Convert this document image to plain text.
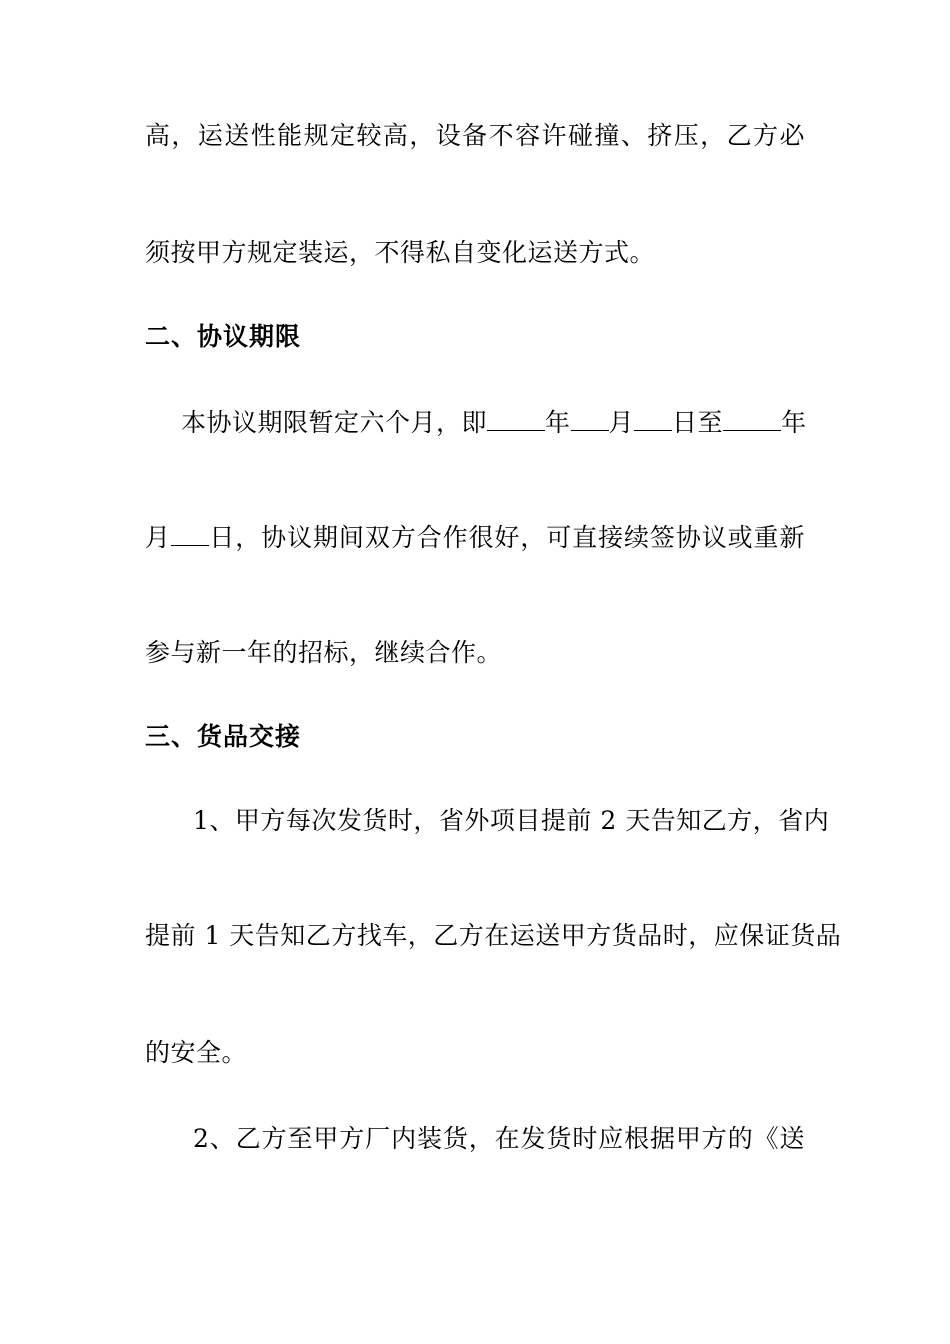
高，运送性能规定较高，设备不容许碰撞、挤压，乙方必
须按甲方规定装运，不得私自变化运送方式。
二、协议期限
本协议期限暂定六个月，即 年 月 日至 年
月 日，协议期间双方合作很好，可直接续签协议或重新
参与新一年的招标，继续合作。
三、货品交接
1、甲方每次发货时，省外项目提前 2 天告知乙方，省内
提前 1 天告知乙方找车，乙方在运送甲方货品时，应保证货品
的安全。
2、乙方至甲方厂内装货，在发货时应根据甲方的《送
